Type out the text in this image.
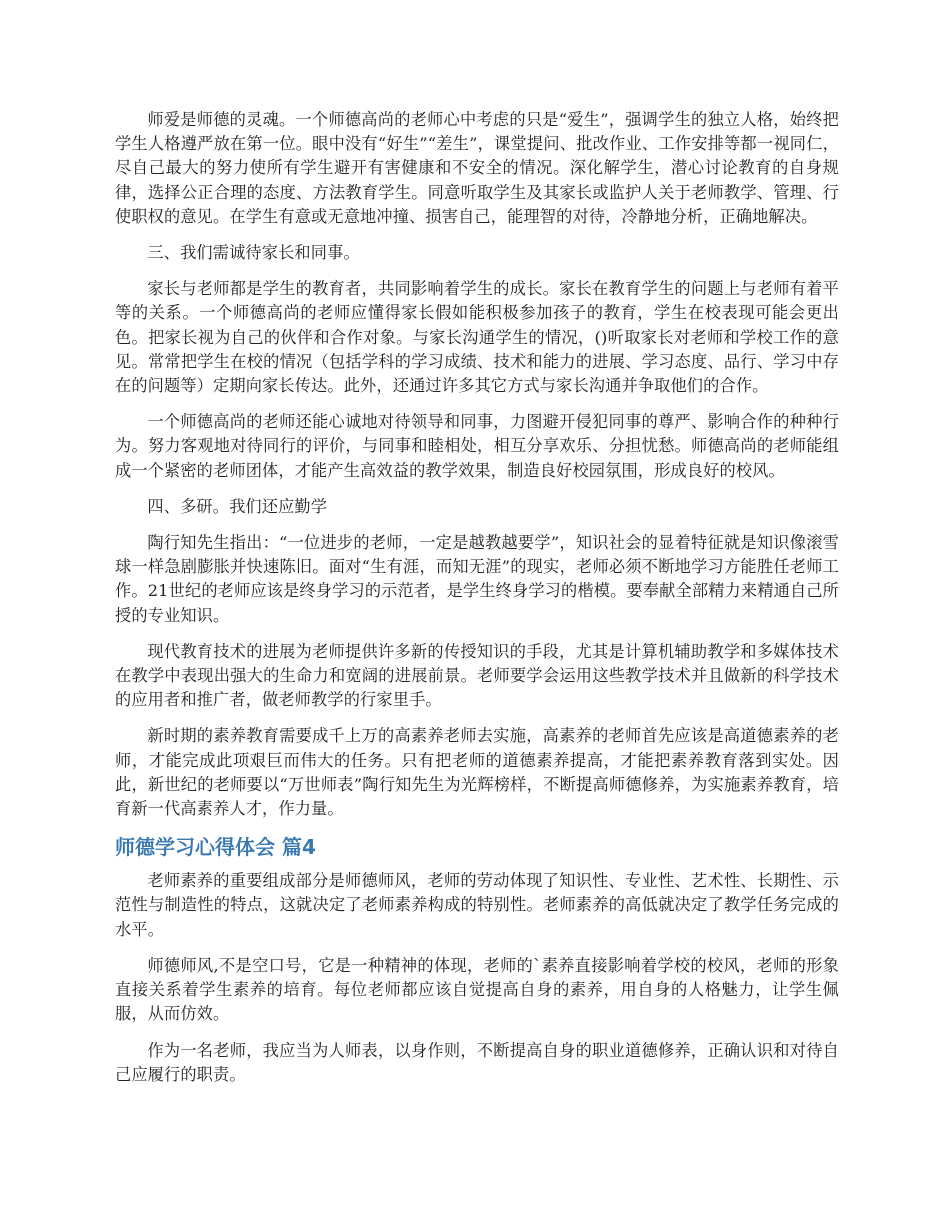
师爱是师德的灵魂。一个师德高尚的老师心中考虑的只是“爱生”，强调学生的独立人格，始终把学生人格遵严放在第一位。眼中没有“好生”“差生”，课堂提问、批改作业、工作安排等都一视同仁，尽自己最大的努力使所有学生避开有害健康和不安全的情况。深化解学生，潜心讨论教育的自身规律，选择公正合理的态度、方法教育学生。同意听取学生及其家长或监护人关于老师教学、管理、行使职权的意见。在学生有意或无意地冲撞、损害自己，能理智的对待，冷静地分析，正确地解决。

三、我们需诚待家长和同事。

家长与老师都是学生的教育者，共同影响着学生的成长。家长在教育学生的问题上与老师有着平等的关系。一个师德高尚的老师应懂得家长假如能积极参加孩子的教育，学生在校表现可能会更出色。把家长视为自己的伙伴和合作对象。与家长沟通学生的情况，()听取家长对老师和学校工作的意见。常常把学生在校的情况（包括学科的学习成绩、技术和能力的进展、学习态度、品行、学习中存在的问题等）定期向家长传达。此外，还通过许多其它方式与家长沟通并争取他们的合作。

一个师德高尚的老师还能心诚地对待领导和同事，力图避开侵犯同事的尊严、影响合作的种种行为。努力客观地对待同行的评价，与同事和睦相处，相互分享欢乐、分担忧愁。师德高尚的老师能组成一个紧密的老师团体，才能产生高效益的教学效果，制造良好校园氛围，形成良好的校风。

四、多研。我们还应勤学

陶行知先生指出：“一位进步的老师，一定是越教越要学”，知识社会的显着特征就是知识像滚雪球一样急剧膨胀并快速陈旧。面对“生有涯，而知无涯”的现实，老师必须不断地学习方能胜任老师工作。21世纪的老师应该是终身学习的示范者，是学生终身学习的楷模。要奉献全部精力来精通自己所授的专业知识。

现代教育技术的进展为老师提供许多新的传授知识的手段，尤其是计算机辅助教学和多媒体技术在教学中表现出强大的生命力和宽阔的进展前景。老师要学会运用这些教学技术并且做新的科学技术的应用者和推广者，做老师教学的行家里手。

新时期的素养教育需要成千上万的高素养老师去实施，高素养的老师首先应该是高道德素养的老师，才能完成此项艰巨而伟大的任务。只有把老师的道德素养提高，才能把素养教育落到实处。因此，新世纪的老师要以“万世师表”陶行知先生为光辉榜样，不断提高师德修养，为实施素养教育，培育新一代高素养人才，作力量。

师德学习心得体会 篇4

老师素养的重要组成部分是师德师风，老师的劳动体现了知识性、专业性、艺术性、长期性、示范性与制造性的特点，这就决定了老师素养构成的特别性。老师素养的高低就决定了教学任务完成的水平。

师德师风,不是空口号，它是一种精神的体现，老师的`素养直接影响着学校的校风，老师的形象直接关系着学生素养的培育。每位老师都应该自觉提高自身的素养，用自身的人格魅力，让学生佩服，从而仿效。

作为一名老师，我应当为人师表，以身作则，不断提高自身的职业道德修养，正确认识和对待自己应履行的职责。
